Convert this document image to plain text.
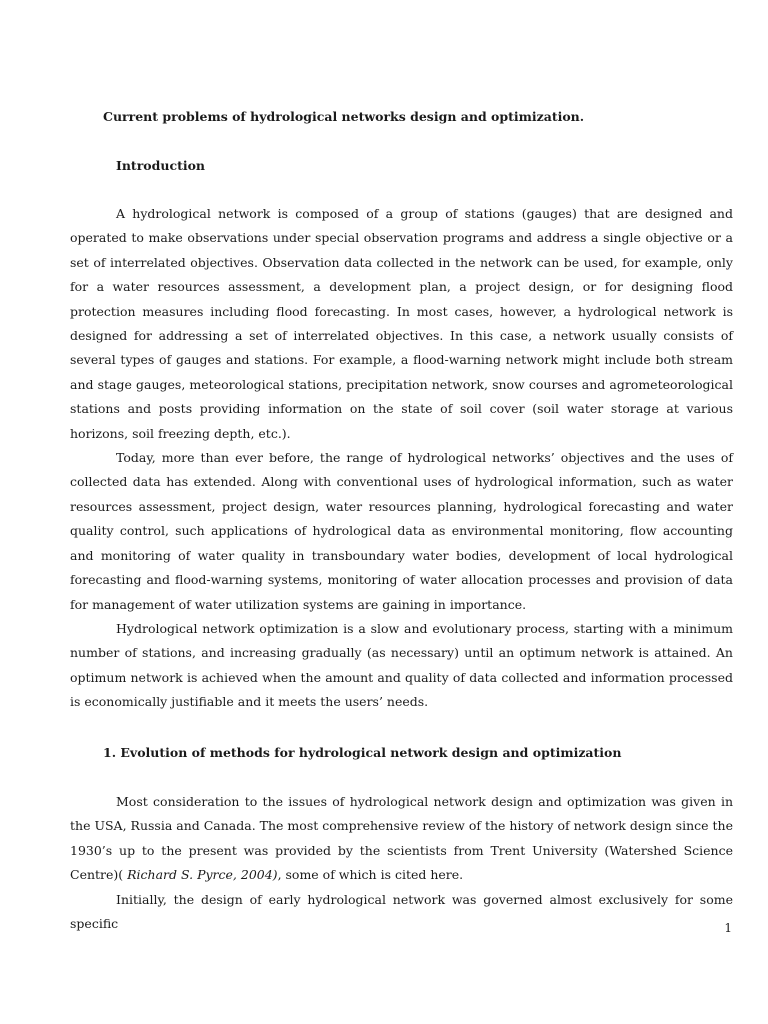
Current problems of hydrological networks design and optimization.
Introduction

A hydrological network is composed of a group of stations (gauges) that are designed and operated to make observations under special observation programs and address a single objective or a set of interrelated objectives. Observation data collected in the network can be used, for example, only for a water resources assessment, a development plan, a project design, or for designing flood protection measures including flood forecasting. In most cases, however, a hydrological network is designed for addressing a set of interrelated objectives. In this case, a network usually consists of several types of gauges and stations. For example, a flood-warning network might include both stream and stage gauges, meteorological stations, precipitation network, snow courses and agrometeorological stations and posts providing information on the state of soil cover (soil water storage at various horizons, soil freezing depth, etc.).

Today, more than ever before, the range of hydrological networks’ objectives and the uses of collected data has extended. Along with conventional uses of hydrological information, such as water resources assessment, project design, water resources planning, hydrological forecasting and water quality control, such applications of hydrological data as environmental monitoring, flow accounting and monitoring of water quality in transboundary water bodies, development of local hydrological forecasting and flood-warning systems, monitoring of water allocation processes and provision of data for management of water utilization systems are gaining in importance.

Hydrological network optimization is a slow and evolutionary process, starting with a minimum number of stations, and increasing gradually (as necessary) until an optimum network is attained. An optimum network is achieved when the amount and quality of data collected and information processed is economically justifiable and it meets the users’ needs.

1. Evolution of methods for hydrological network design and optimization

Most consideration to the issues of hydrological network design and optimization was given in the USA, Russia and Canada. The most comprehensive review of the history of network design since the 1930’s up to the present was provided by the scientists from Trent University (Watershed Science Centre)( Richard S. Pyrce, 2004), some of which is cited here.

Initially, the design of early hydrological network was governed almost exclusively for some specific	1
